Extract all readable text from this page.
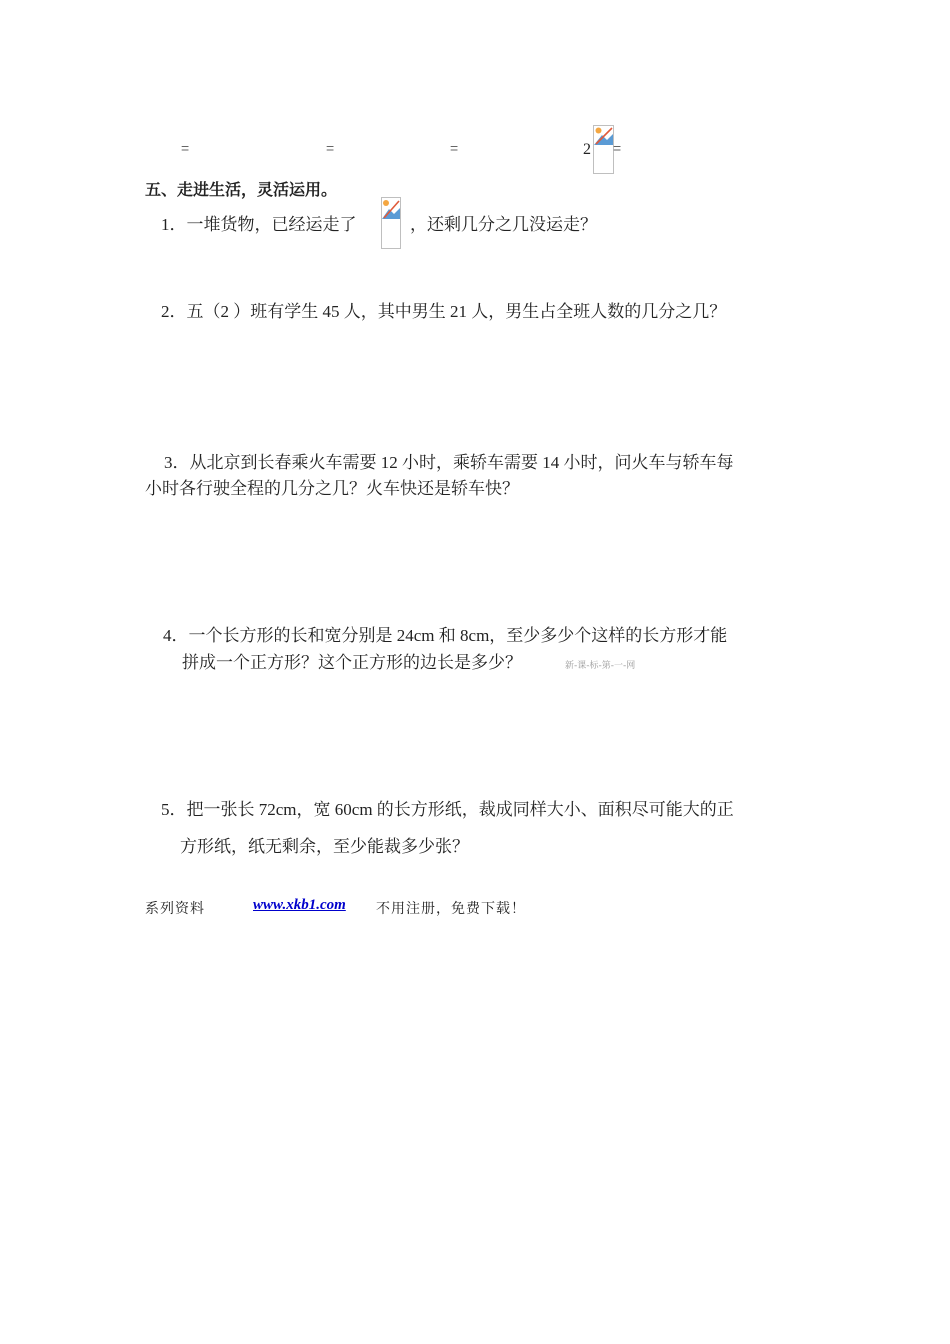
=	=	=	2 =
五、走进生活，灵活运用。
1．一堆货物，已经运走了	，还剩几分之几没运走？
2．五（2 ）班有学生 45 人，其中男生 21 人，男生占全班人数的几分之几？
3．从北京到长春乘火车需要 12 小时，乘轿车需要 14 小时，问火车与轿车每
小时各行驶全程的几分之几？火车快还是轿车快？
4．一个长方形的长和宽分别是 24cm 和 8cm，至少多少个这样的长方形才能
拼成一个正方形？这个正方形的边长是多少？	新-课-标-第-一-网
5．把一张长 72cm，宽 60cm 的长方形纸，裁成同样大小、面积尽可能大的正
方形纸，纸无剩余，至少能裁多少张？
系列资料	www.xkb1.com 不用注册，免费下载！
